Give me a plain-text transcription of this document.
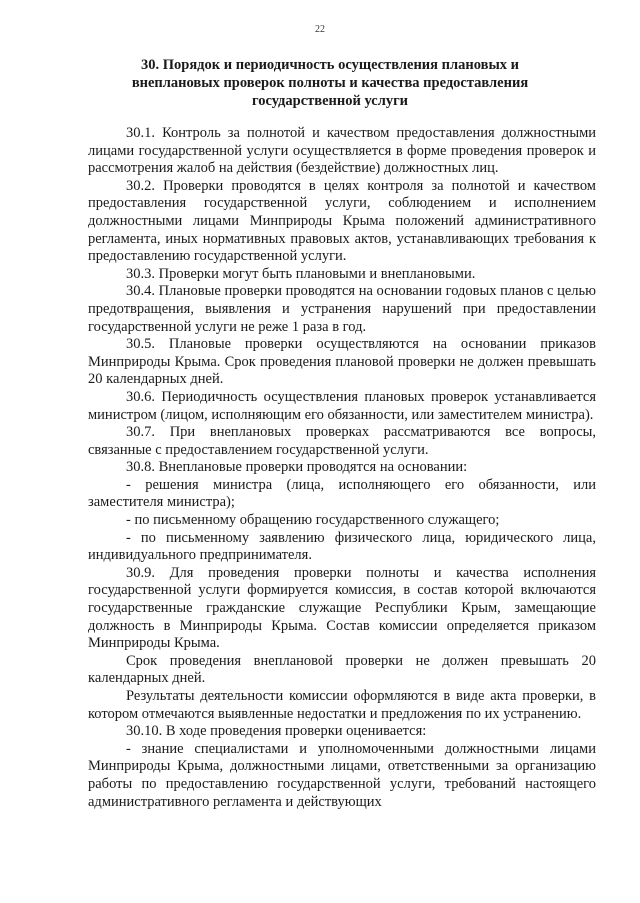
22
30. Порядок и периодичность осуществления плановых и внеплановых проверок полноты и качества предоставления государственной услуги

30.1. Контроль за полнотой и качеством предоставления должностными лицами государственной услуги осуществляется в форме проведения проверок и рассмотрения жалоб на действия (бездействие) должностных лиц.

30.2. Проверки проводятся в целях контроля за полнотой и качеством предоставления государственной услуги, соблюдением и исполнением должностными лицами Минприроды Крыма положений административного регламента, иных нормативных правовых актов, устанавливающих требования к предоставлению государственной услуги.

30.3. Проверки могут быть плановыми и внеплановыми.

30.4. Плановые проверки проводятся на основании годовых планов с целью предотвращения, выявления и устранения нарушений при предоставлении государственной услуги не реже 1 раза в год.

30.5. Плановые проверки осуществляются на основании приказов Минприроды Крыма. Срок проведения плановой проверки не должен превышать 20 календарных дней.

30.6. Периодичность осуществления плановых проверок устанавливается министром (лицом, исполняющим его обязанности, или заместителем министра).

30.7. При внеплановых проверках рассматриваются все вопросы, связанные с предоставлением государственной услуги.

30.8. Внеплановые проверки проводятся на основании:

- решения министра (лица, исполняющего его обязанности, или заместителя министра);

- по письменному обращению государственного служащего;

- по письменному заявлению физического лица, юридического лица, индивидуального предпринимателя.

30.9. Для проведения проверки полноты и качества исполнения государственной услуги формируется комиссия, в состав которой включаются государственные гражданские служащие Республики Крым, замещающие должность в Минприроды Крыма. Состав комиссии определяется приказом Минприроды Крыма.

Срок проведения внеплановой проверки не должен превышать 20 календарных дней.

Результаты деятельности комиссии оформляются в виде акта проверки, в котором отмечаются выявленные недостатки и предложения по их устранению.

30.10. В ходе проведения проверки оценивается:

- знание специалистами и уполномоченными должностными лицами Минприроды Крыма, должностными лицами, ответственными за организацию работы по предоставлению государственной услуги, требований настоящего административного регламента и действующих
